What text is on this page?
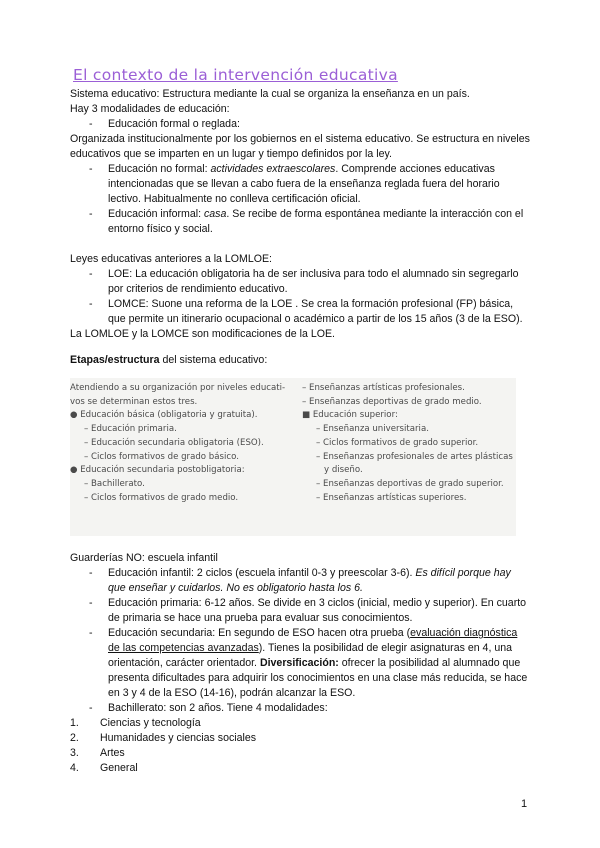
El contexto de la intervención educativa

Sistema educativo: Estructura mediante la cual se organiza la enseñanza en un país.

Hay 3 modalidades de educación:

- Educación formal o reglada:

Organizada institucionalmente por los gobiernos en el sistema educativo. Se estructura en niveles educativos que se imparten en un lugar y tiempo definidos por la ley.

- Educación no formal: actividades extraescolares. Comprende acciones educativas intencionadas que se llevan a cabo fuera de la enseñanza reglada fuera del horario lectivo. Habitualmente no conlleva certificación oficial.
- Educación informal: casa. Se recibe de forma espontánea mediante la interacción con el entorno físico y social.

Leyes educativas anteriores a la LOMLOE:

- LOE: La educación obligatoria ha de ser inclusiva para todo el alumnado sin segregarlo por criterios de rendimiento educativo.
- LOMCE: Suone una reforma de la LOE . Se crea la formación profesional (FP) básica, que permite un itinerario ocupacional o académico a partir de los 15 años (3 de la ESO).

La LOMLOE y la LOMCE son modificaciones de la LOE.

Etapas/estructura del sistema educativo:

Atendiendo a su organización por niveles educati-
vos se determinan estos tres.
● Educación básica (obligatoria y gratuita).
– Educación primaria.
– Educación secundaria obligatoria (ESO).
– Ciclos formativos de grado básico.
● Educación secundaria postobligatoria:
– Bachillerato.
– Ciclos formativos de grado medio.
– Enseñanzas artísticas profesionales.
– Enseñanzas deportivas de grado medio.
■ Educación superior:
– Enseñanza universitaria.
– Ciclos formativos de grado superior.
– Enseñanzas profesionales de artes plásticas
y diseño.
– Enseñanzas deportivas de grado superior.
– Enseñanzas artísticas superiores.

Guarderías NO: escuela infantil

- Educación infantil: 2 ciclos (escuela infantil 0-3 y preescolar 3-6). Es difícil porque hay que enseñar y cuidarlos. No es obligatorio hasta los 6.
- Educación primaria: 6-12 años. Se divide en 3 ciclos (inicial, medio y superior). En cuarto de primaria se hace una prueba para evaluar sus conocimientos.
- Educación secundaria: En segundo de ESO hacen otra prueba (evaluación diagnóstica de las competencias avanzadas). Tienes la posibilidad de elegir asignaturas en 4, una orientación, carácter orientador. Diversificación: ofrecer la posibilidad al alumnado que presenta dificultades para adquirir los conocimientos en una clase más reducida, se hace en 3 y 4 de la ESO (14-16), podrán alcanzar la ESO.
- Bachillerato: son 2 años. Tiene 4 modalidades:
1. Ciencias y tecnología
2. Humanidades y ciencias sociales
3. Artes
4. General
1
